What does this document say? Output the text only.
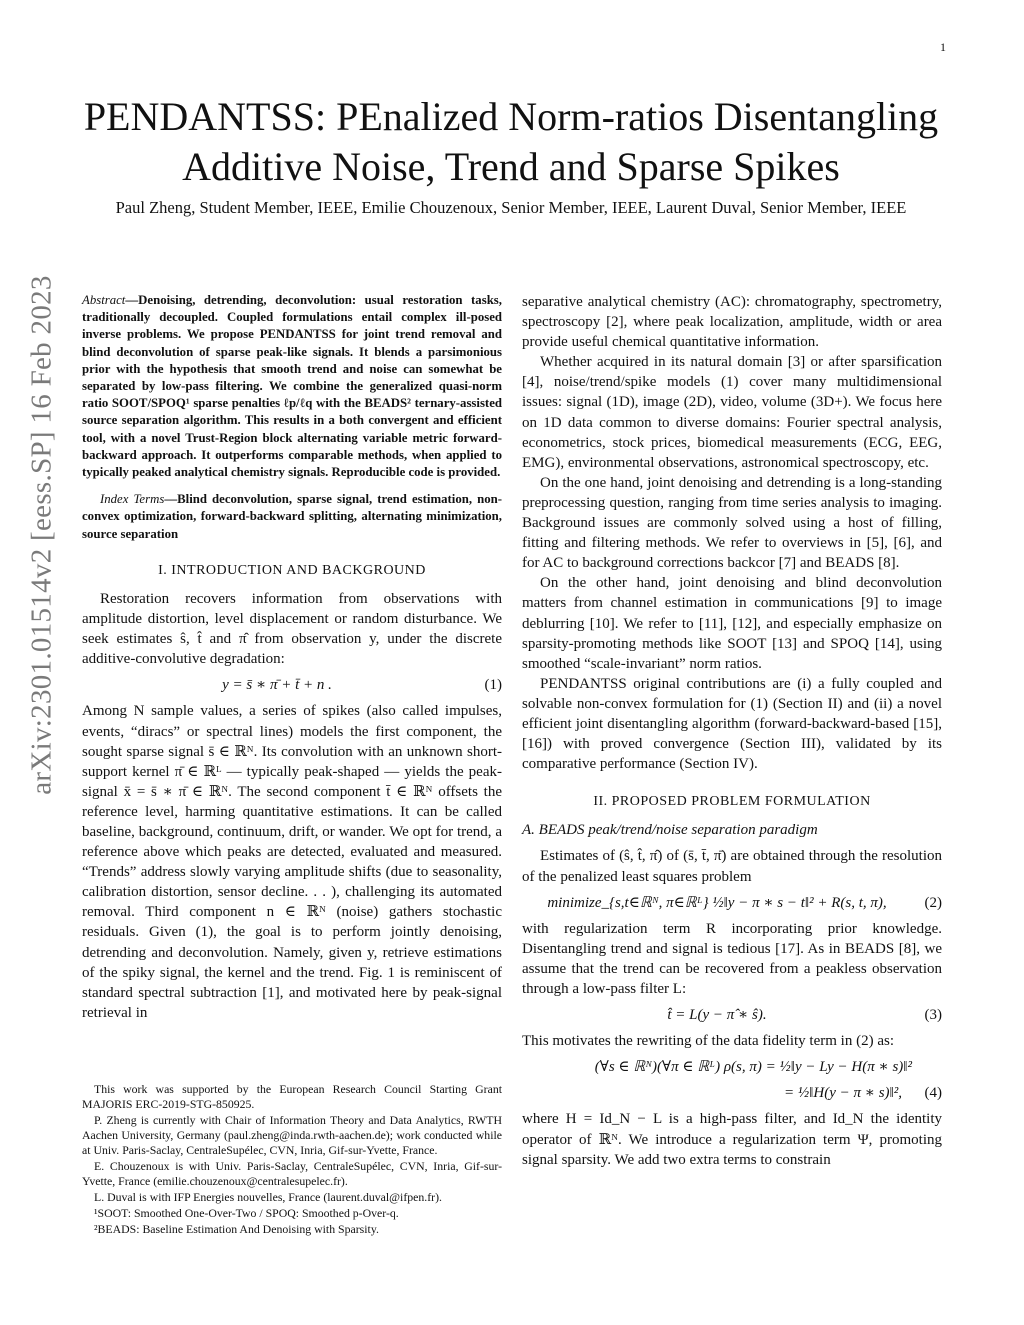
1
arXiv:2301.01514v2 [eess.SP] 16 Feb 2023
PENDANTSS: PEnalized Norm-ratios Disentangling Additive Noise, Trend and Sparse Spikes

Paul Zheng, Student Member, IEEE, Emilie Chouzenoux, Senior Member, IEEE, Laurent Duval, Senior Member, IEEE

Abstract—Denoising, detrending, deconvolution: usual restoration tasks, traditionally decoupled. Coupled formulations entail complex ill-posed inverse problems. We propose PENDANTSS for joint trend removal and blind deconvolution of sparse peak-like signals. It blends a parsimonious prior with the hypothesis that smooth trend and noise can somewhat be separated by low-pass filtering. We combine the generalized quasi-norm ratio SOOT/SPOQ¹ sparse penalties ℓp/ℓq with the BEADS² ternary-assisted source separation algorithm. This results in a both convergent and efficient tool, with a novel Trust-Region block alternating variable metric forward-backward approach. It outperforms comparable methods, when applied to typically peaked analytical chemistry signals. Reproducible code is provided.

Index Terms—Blind deconvolution, sparse signal, trend estimation, non-convex optimization, forward-backward splitting, alternating minimization, source separation

I. INTRODUCTION AND BACKGROUND

Restoration recovers information from observations with amplitude distortion, level displacement or random disturbance. We seek estimates ŝ, t̂ and π̂ from observation y, under the discrete additive-convolutive degradation:

y = s̄ ∗ π̄ + t̄ + n .	(1)

Among N sample values, a series of spikes (also called impulses, events, “diracs” or spectral lines) models the first component, the sought sparse signal s̄ ∈ ℝᴺ. Its convolution with an unknown short-support kernel π̄ ∈ ℝᴸ — typically peak-shaped — yields the peak-signal x̄ = s̄ ∗ π̄ ∈ ℝᴺ. The second component t̄ ∈ ℝᴺ offsets the reference level, harming quantitative estimations. It can be called baseline, background, continuum, drift, or wander. We opt for trend, a reference above which peaks are detected, evaluated and measured. “Trends” address slowly varying amplitude shifts (due to seasonality, calibration distortion, sensor decline. . . ), challenging its automated removal. Third component n ∈ ℝᴺ (noise) gathers stochastic residuals. Given (1), the goal is to perform jointly denoising, detrending and deconvolution. Namely, given y, retrieve estimations of the spiky signal, the kernel and the trend. Fig. 1 is reminiscent of standard spectral subtraction [1], and motivated here by peak-signal retrieval in

This work was supported by the European Research Council Starting Grant MAJORIS ERC-2019-STG-850925.

P. Zheng is currently with Chair of Information Theory and Data Analytics, RWTH Aachen University, Germany (paul.zheng@inda.rwth-aachen.de); work conducted while at Univ. Paris-Saclay, CentraleSupélec, CVN, Inria, Gif-sur-Yvette, France.

E. Chouzenoux is with Univ. Paris-Saclay, CentraleSupélec, CVN, Inria, Gif-sur-Yvette, France (emilie.chouzenoux@centralesupelec.fr).

L. Duval is with IFP Energies nouvelles, France (laurent.duval@ifpen.fr).

¹SOOT: Smoothed One-Over-Two / SPOQ: Smoothed p-Over-q.

²BEADS: Baseline Estimation And Denoising with Sparsity.

separative analytical chemistry (AC): chromatography, spectrometry, spectroscopy [2], where peak localization, amplitude, width or area provide useful chemical quantitative information.

Whether acquired in its natural domain [3] or after sparsification [4], noise/trend/spike models (1) cover many multidimensional issues: signal (1D), image (2D), video, volume (3D+). We focus here on 1D data common to diverse domains: Fourier spectral analysis, econometrics, stock prices, biomedical measurements (ECG, EEG, EMG), environmental observations, astronomical spectroscopy, etc.

On the one hand, joint denoising and detrending is a long-standing preprocessing question, ranging from time series analysis to imaging. Background issues are commonly solved using a host of filling, fitting and filtering methods. We refer to overviews in [5], [6], and for AC to background corrections backcor [7] and BEADS [8].

On the other hand, joint denoising and blind deconvolution matters from channel estimation in communications [9] to image deblurring [10]. We refer to [11], [12], and especially emphasize on sparsity-promoting methods like SOOT [13] and SPOQ [14], using smoothed “scale-invariant” norm ratios.

PENDANTSS original contributions are (i) a fully coupled and solvable non-convex formulation for (1) (Section II) and (ii) a novel efficient joint disentangling algorithm (forward-backward-based [15], [16]) with proved convergence (Section III), validated by its comparative performance (Section IV).

II. PROPOSED PROBLEM FORMULATION
A. BEADS peak/trend/noise separation paradigm

Estimates of (ŝ, t̂, π̂) of (s̄, t̄, π̄) are obtained through the resolution of the penalized least squares problem

minimize_{s,t∈ℝᴺ, π∈ℝᴸ} ½‖y − π ∗ s − t‖² + R(s, t, π),	(2)

with regularization term R incorporating prior knowledge. Disentangling trend and signal is tedious [17]. As in BEADS [8], we assume that the trend can be recovered from a peakless observation through a low-pass filter L:

t̂ = L(y − π̂ ∗ ŝ).	(3)

This motivates the rewriting of the data fidelity term in (2) as:

(∀s ∈ ℝᴺ)(∀π ∈ ℝᴸ) ρ(s, π) = ½‖y − Ly − H(π ∗ s)‖²
= ½‖H(y − π ∗ s)‖²,	(4)

where H = Id_N − L is a high-pass filter, and Id_N the identity operator of ℝᴺ. We introduce a regularization term Ψ, promoting signal sparsity. We add two extra terms to constrain
